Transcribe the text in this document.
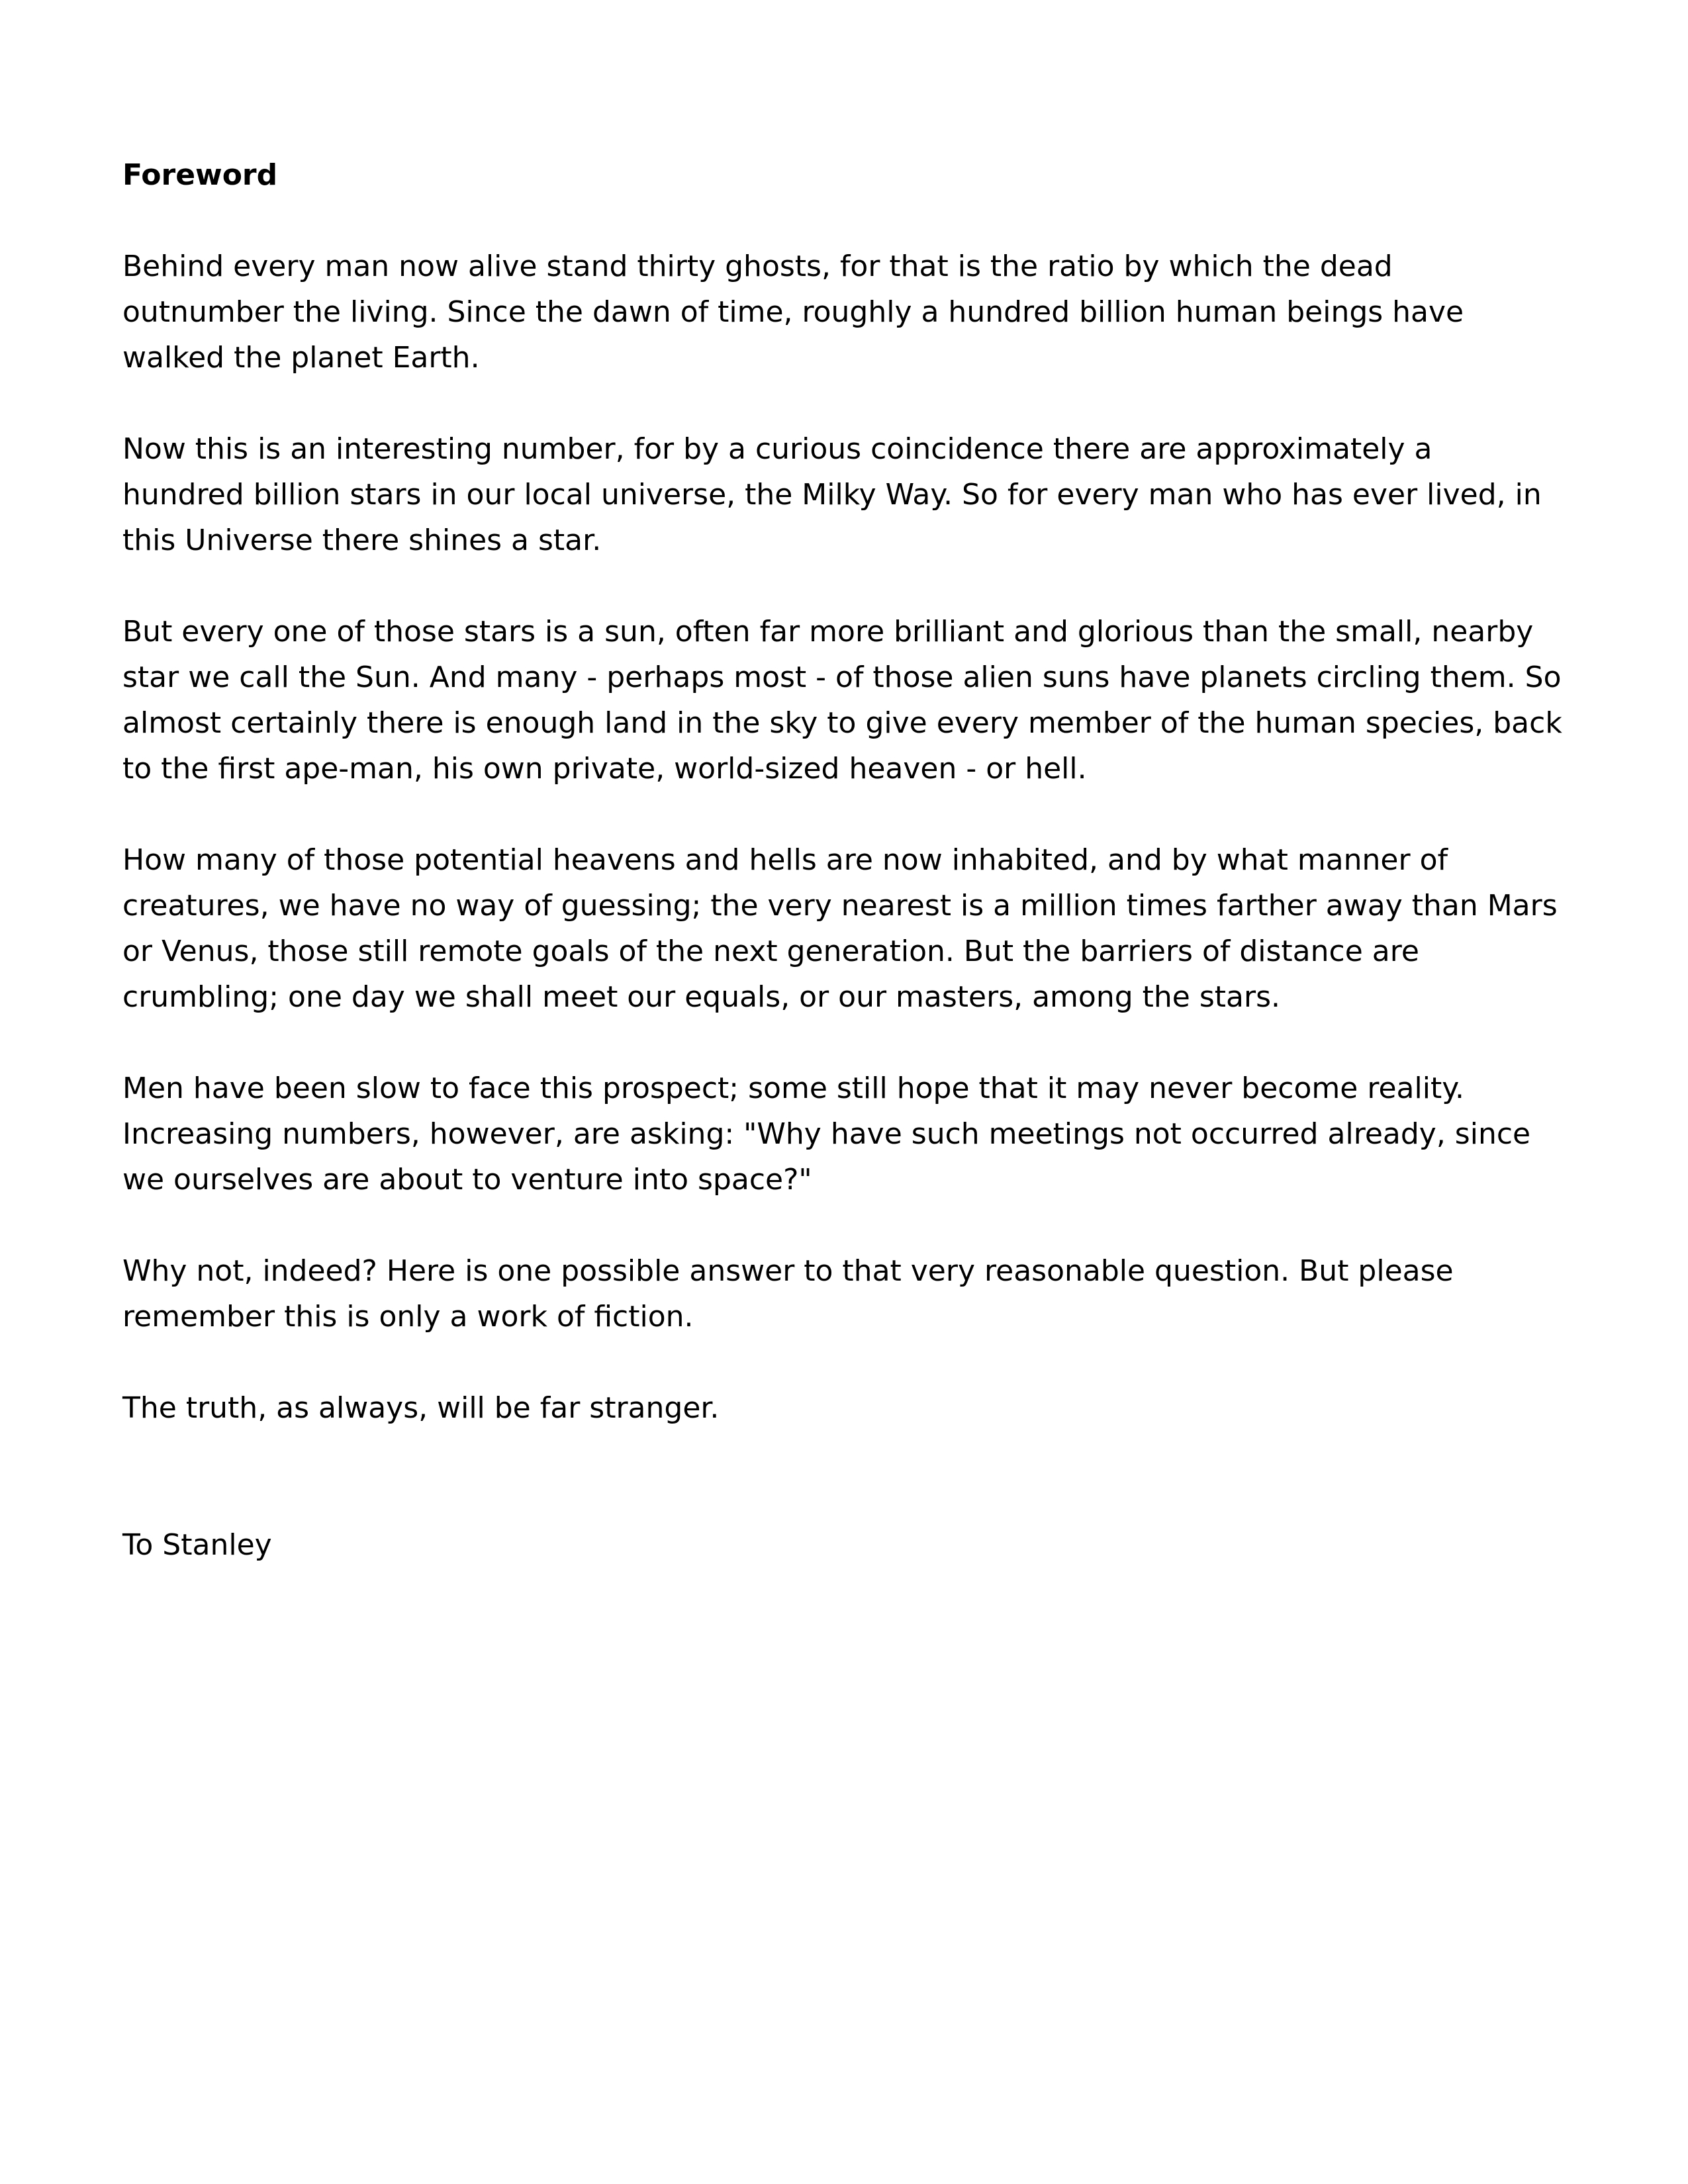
Foreword

Behind every man now alive stand thirty ghosts, for that is the ratio by which the dead outnumber the living. Since the dawn of time, roughly a hundred billion human beings have walked the planet Earth.

Now this is an interesting number, for by a curious coincidence there are approximately a hundred billion stars in our local universe, the Milky Way. So for every man who has ever lived, in this Universe there shines a star.

But every one of those stars is a sun, often far more brilliant and glorious than the small, nearby star we call the Sun. And many - perhaps most - of those alien suns have planets circling them. So almost certainly there is enough land in the sky to give every member of the human species, back to the first ape-man, his own private, world-sized heaven - or hell.

How many of those potential heavens and hells are now inhabited, and by what manner of creatures, we have no way of guessing; the very nearest is a million times farther away than Mars or Venus, those still remote goals of the next generation. But the barriers of distance are crumbling; one day we shall meet our equals, or our masters, among the stars.

Men have been slow to face this prospect; some still hope that it may never become reality. Increasing numbers, however, are asking: "Why have such meetings not occurred already, since we ourselves are about to venture into space?"

Why not, indeed? Here is one possible answer to that very reasonable question. But please remember this is only a work of fiction.

The truth, as always, will be far stranger.

To Stanley
